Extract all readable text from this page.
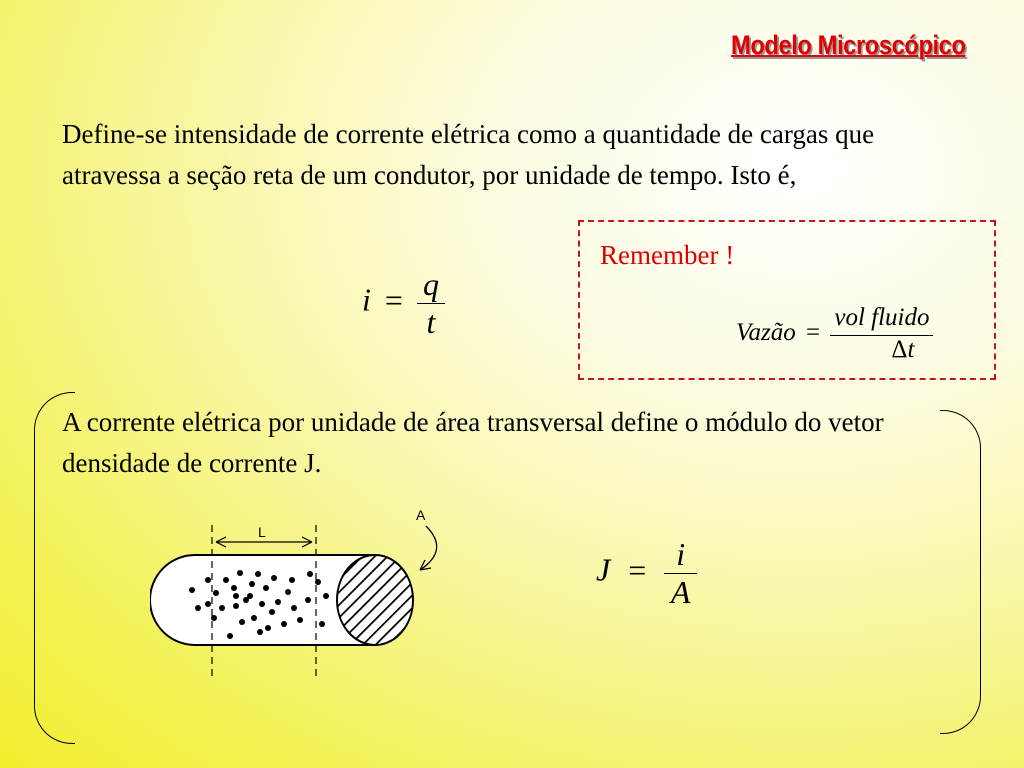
Modelo Microscópico
Define-se intensidade de corrente elétrica como a quantidade de cargas que atravessa a seção reta de um condutor, por unidade de tempo. Isto é,
$i = \frac{q}{t}$
Remember !
Vazão = $\frac{\text{vol fluido}}{\Delta t}$
A corrente elétrica por unidade de área transversal define o módulo do vetor densidade de corrente J.
L
A
$J = \frac{i}{A}$
